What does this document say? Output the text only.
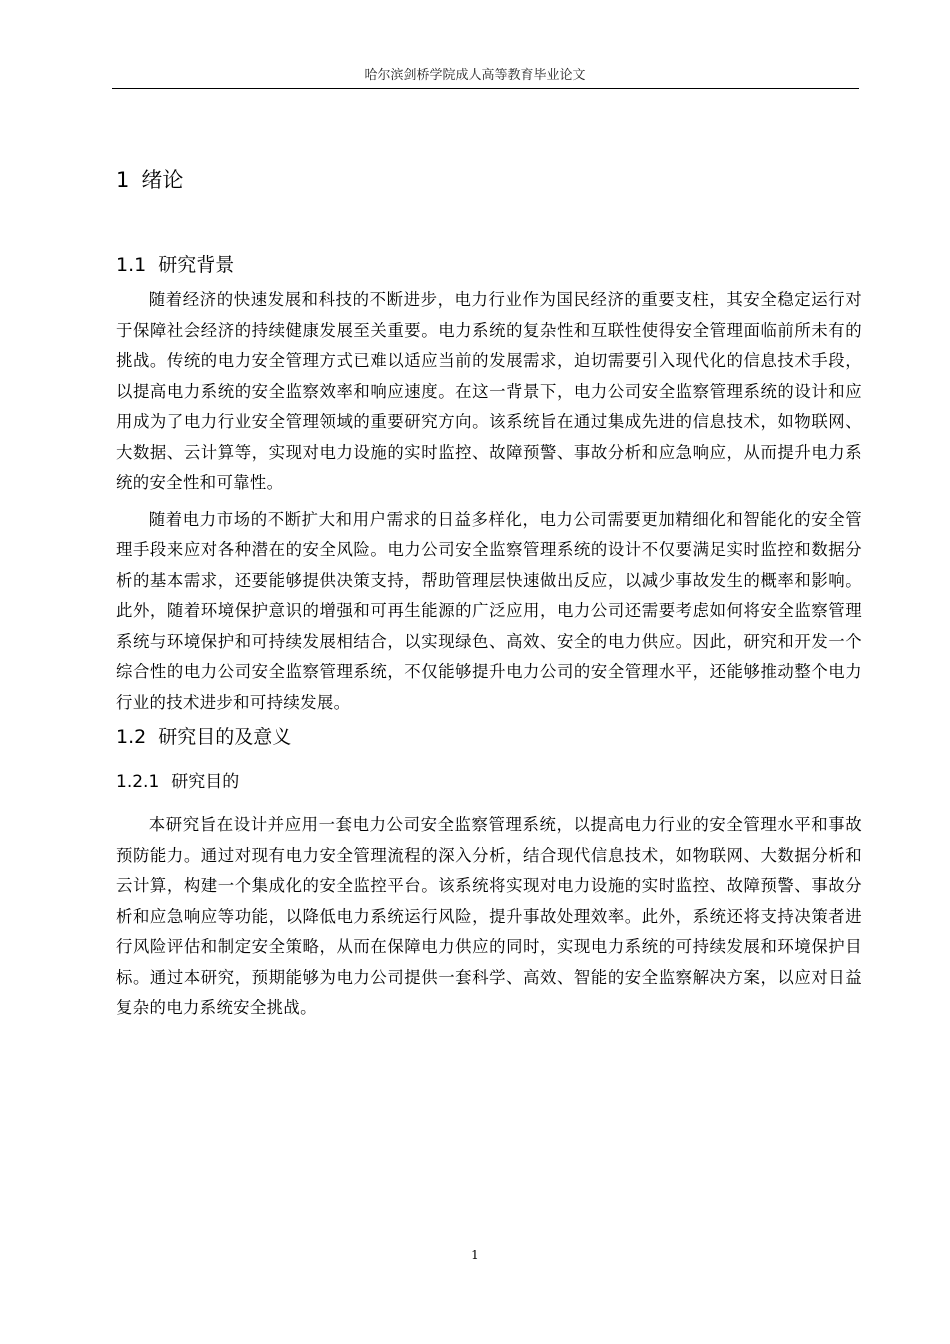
哈尔滨剑桥学院成人高等教育毕业论文
1 绪论
1.1 研究背景

随着经济的快速发展和科技的不断进步，电力行业作为国民经济的重要支柱，其安全稳定运行对于保障社会经济的持续健康发展至关重要。电力系统的复杂性和互联性使得安全管理面临前所未有的挑战。传统的电力安全管理方式已难以适应当前的发展需求，迫切需要引入现代化的信息技术手段，以提高电力系统的安全监察效率和响应速度。在这一背景下，电力公司安全监察管理系统的设计和应用成为了电力行业安全管理领域的重要研究方向。该系统旨在通过集成先进的信息技术，如物联网、大数据、云计算等，实现对电力设施的实时监控、故障预警、事故分析和应急响应，从而提升电力系统的安全性和可靠性。

随着电力市场的不断扩大和用户需求的日益多样化，电力公司需要更加精细化和智能化的安全管理手段来应对各种潜在的安全风险。电力公司安全监察管理系统的设计不仅要满足实时监控和数据分析的基本需求，还要能够提供决策支持，帮助管理层快速做出反应，以减少事故发生的概率和影响。此外，随着环境保护意识的增强和可再生能源的广泛应用，电力公司还需要考虑如何将安全监察管理系统与环境保护和可持续发展相结合，以实现绿色、高效、安全的电力供应。因此，研究和开发一个综合性的电力公司安全监察管理系统，不仅能够提升电力公司的安全管理水平，还能够推动整个电力行业的技术进步和可持续发展。

1.2 研究目的及意义
1.2.1 研究目的

本研究旨在设计并应用一套电力公司安全监察管理系统，以提高电力行业的安全管理水平和事故预防能力。通过对现有电力安全管理流程的深入分析，结合现代信息技术，如物联网、大数据分析和云计算，构建一个集成化的安全监控平台。该系统将实现对电力设施的实时监控、故障预警、事故分析和应急响应等功能，以降低电力系统运行风险，提升事故处理效率。此外，系统还将支持决策者进行风险评估和制定安全策略，从而在保障电力供应的同时，实现电力系统的可持续发展和环境保护目标。通过本研究，预期能够为电力公司提供一套科学、高效、智能的安全监察解决方案，以应对日益复杂的电力系统安全挑战。

1
